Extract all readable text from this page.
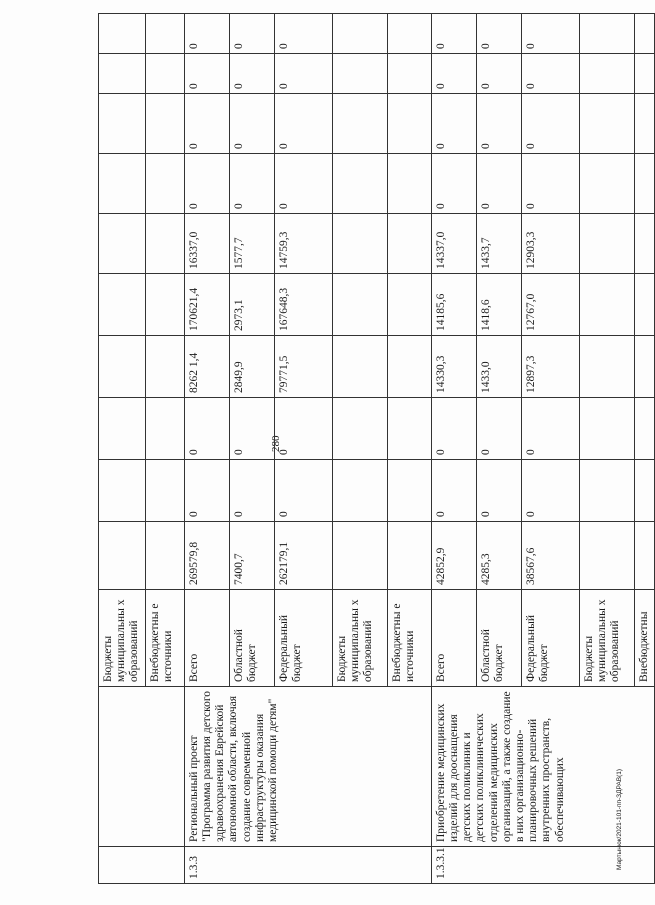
280
Мартынюк/2021-101-пп-ЗДРАВ(1)
		Бюджеты муниципальны х образований										
		Внебюджетны е источники										
1.3.3	Региональный проект "Программа развития детского здравоохранения Еврейской автономной области, включая создание современной инфраструктуры оказания медицинской помощи детям"	Всего	269579,8	0	0	8262 1,4	170621,4	16337,0	0	0	0	0
		Областной бюджет	7400,7	0	0	2849,9	2973,1	1577,7	0	0	0	0
		Федеральный бюджет	262179,1	0	0	79771,5	167648,3	14759,3	0	0	0	0
		Бюджеты муниципальны х образований										
		Внебюджетны е источники										
1.3.3.1	Приобретение медицинских изделий для дооснащения детских поликлиник и детских поликлинических отделений медицинских организаций, а также создание в них организационно-планировочных решений внутренних пространств, обеспечивающих	Всего	42852,9	0	0	14330,3	14185,6	14337,0	0	0	0	0
		Областной бюджет	4285,3	0	0	1433,0	1418,6	1433,7	0	0	0	0
		Федеральный бюджет	38567,6	0	0	12897,3	12767,0	12903,3	0	0	0	0
		Бюджеты муниципальны х образований										
		Внебюджетны										
